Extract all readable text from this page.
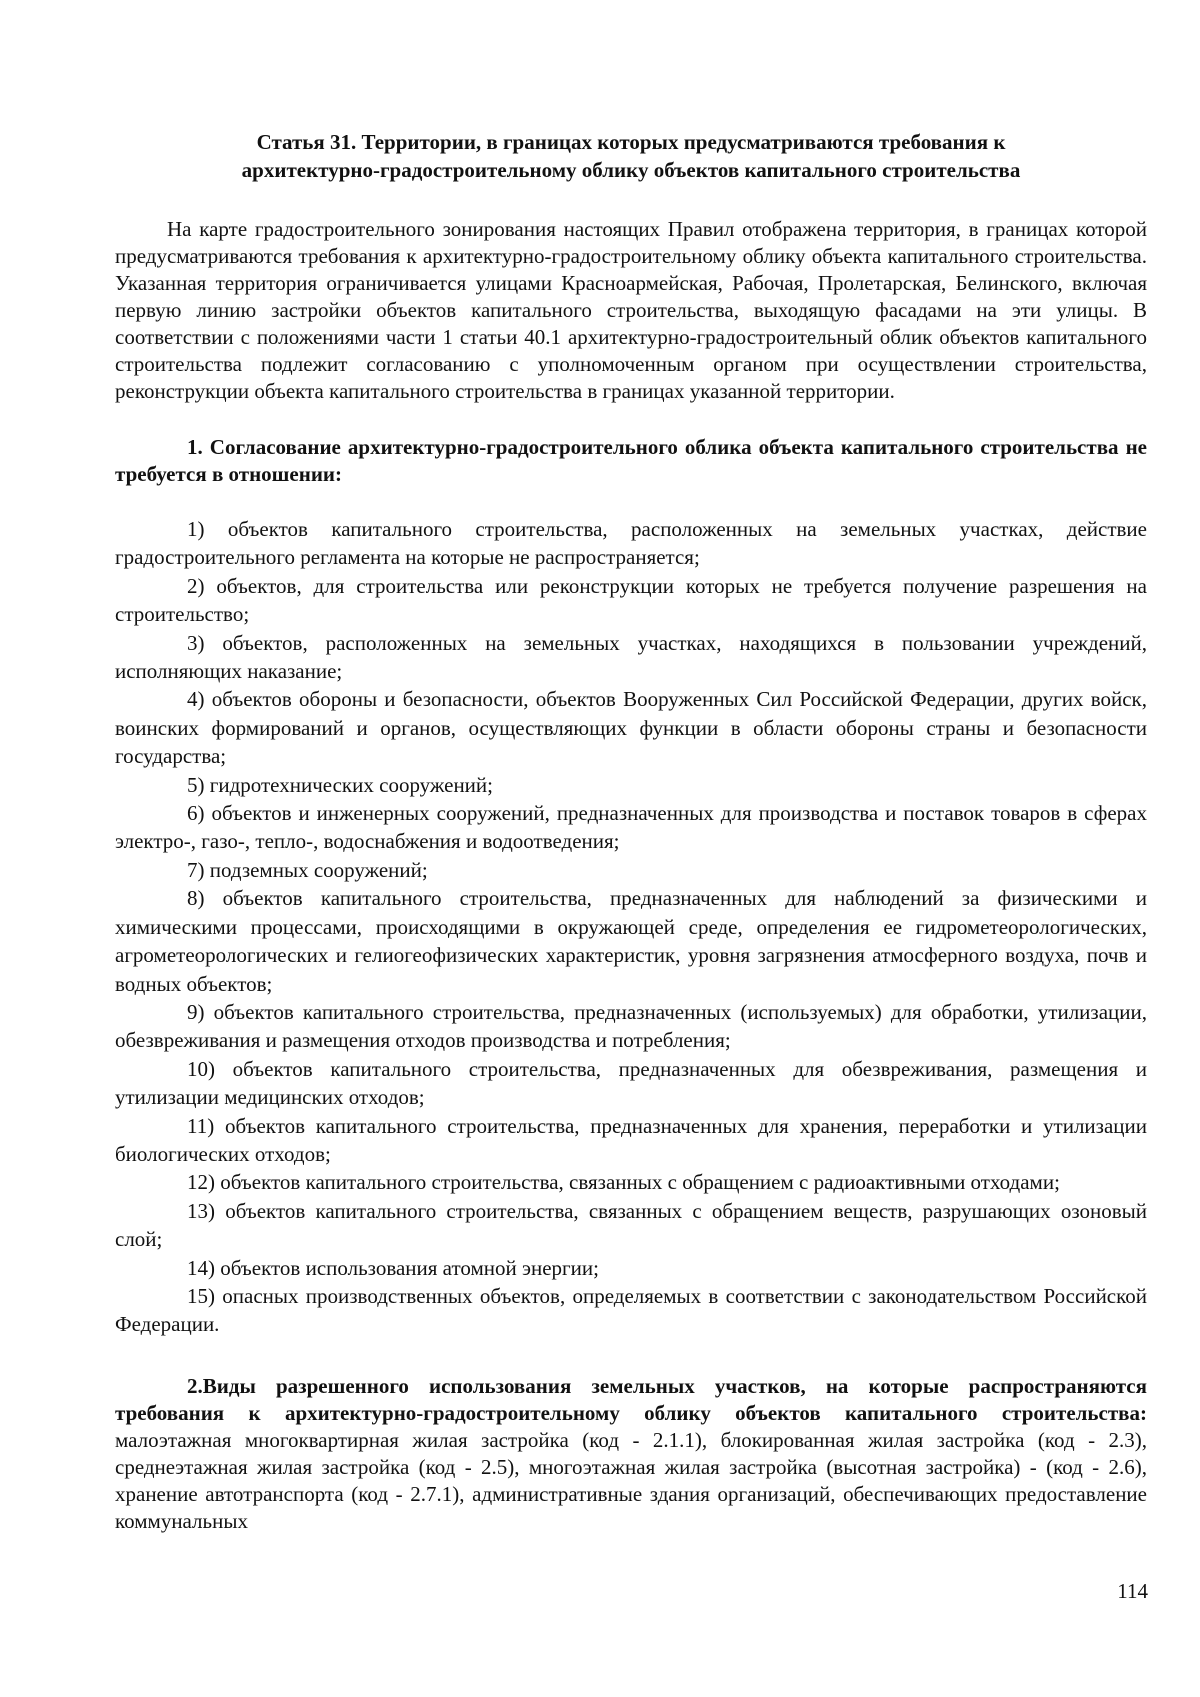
Статья 31. Территории, в границах которых предусматриваются требования к
архитектурно-градостроительному облику объектов капитального строительства

На карте градостроительного зонирования настоящих Правил отображена территория, в границах которой предусматриваются требования к архитектурно-градостроительному облику объекта капитального строительства. Указанная территория ограничивается улицами Красноармейская, Рабочая, Пролетарская, Белинского, включая первую линию застройки объектов капитального строительства, выходящую фасадами на эти улицы. В соответствии с положениями части 1 статьи 40.1 архитектурно-градостроительный облик объектов капитального строительства подлежит согласованию с уполномоченным органом при осуществлении строительства, реконструкции объекта капитального строительства в границах указанной территории.

1. Согласование архитектурно-градостроительного облика объекта капитального строительства не требуется в отношении:

1) объектов капитального строительства, расположенных на земельных участках, действие градостроительного регламента на которые не распространяется;

2) объектов, для строительства или реконструкции которых не требуется получение разрешения на строительство;

3) объектов, расположенных на земельных участках, находящихся в пользовании учреждений, исполняющих наказание;

4) объектов обороны и безопасности, объектов Вооруженных Сил Российской Федерации, других войск, воинских формирований и органов, осуществляющих функции в области обороны страны и безопасности государства;

5) гидротехнических сооружений;

6) объектов и инженерных сооружений, предназначенных для производства и поставок товаров в сферах электро-, газо-, тепло-, водоснабжения и водоотведения;

7) подземных сооружений;

8) объектов капитального строительства, предназначенных для наблюдений за физическими и химическими процессами, происходящими в окружающей среде, определения ее гидрометеорологических, агрометеорологических и гелиогеофизических характеристик, уровня загрязнения атмосферного воздуха, почв и водных объектов;

9) объектов капитального строительства, предназначенных (используемых) для обработки, утилизации, обезвреживания и размещения отходов производства и потребления;

10) объектов капитального строительства, предназначенных для обезвреживания, размещения и утилизации медицинских отходов;

11) объектов капитального строительства, предназначенных для хранения, переработки и утилизации биологических отходов;

12) объектов капитального строительства, связанных с обращением с радиоактивными отходами;

13) объектов капитального строительства, связанных с обращением веществ, разрушающих озоновый слой;

14) объектов использования атомной энергии;

15) опасных производственных объектов, определяемых в соответствии с законодательством Российской Федерации.

2.Виды разрешенного использования земельных участков, на которые распространяются требования к архитектурно-градостроительному облику объектов капитального строительства: малоэтажная многоквартирная жилая застройка (код - 2.1.1), блокированная жилая застройка (код - 2.3), среднеэтажная жилая застройка (код - 2.5), многоэтажная жилая застройка (высотная застройка) - (код - 2.6), хранение автотранспорта (код - 2.7.1), административные здания организаций, обеспечивающих предоставление коммунальных

114
